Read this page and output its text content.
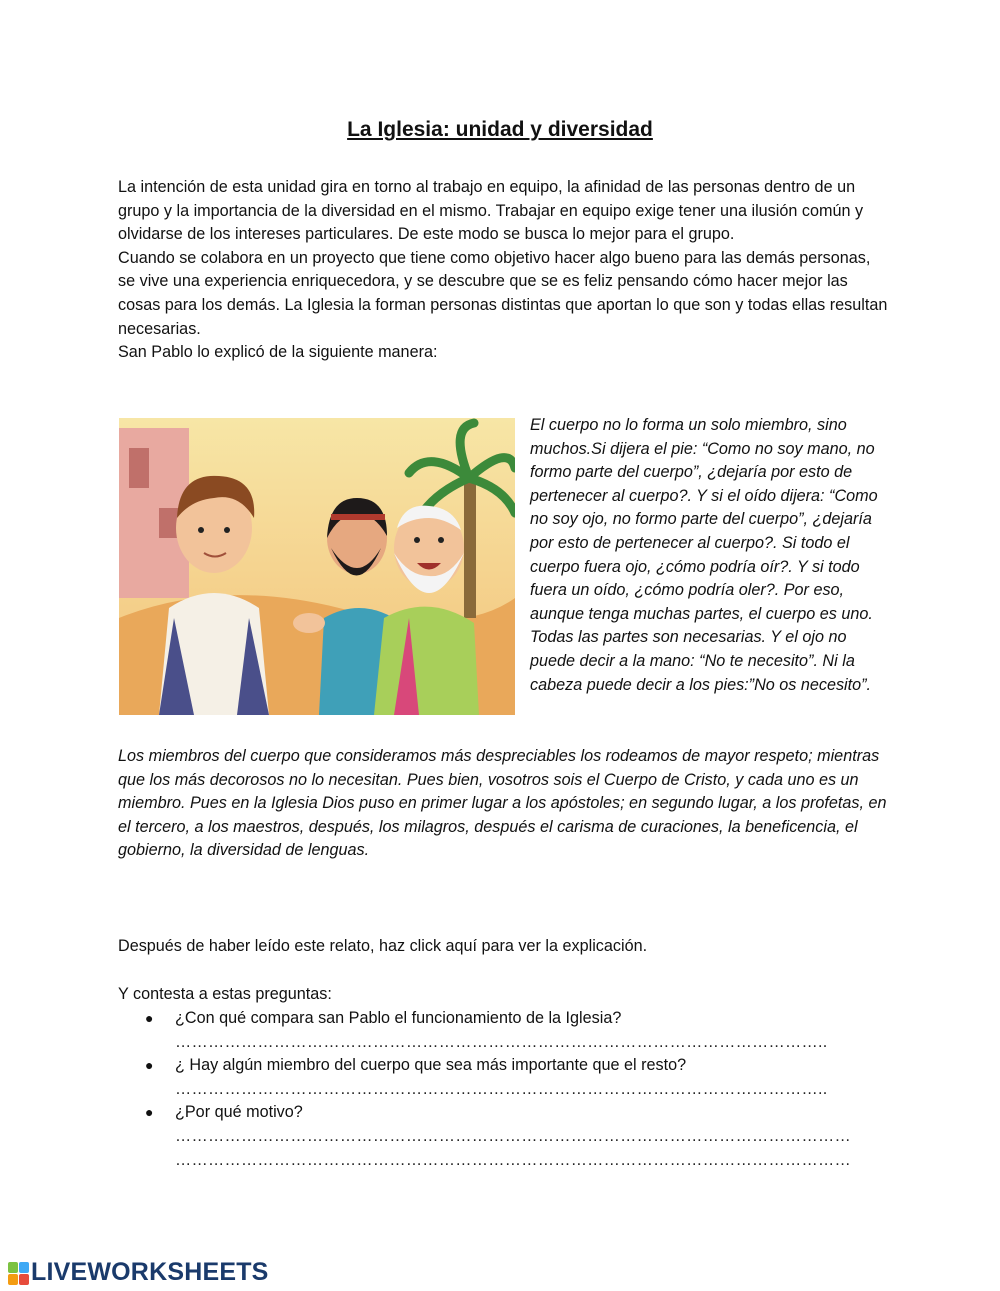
La Iglesia: unidad y diversidad

La intención de esta unidad gira en torno al trabajo en equipo, la afinidad de las personas dentro de un grupo y la importancia de la diversidad en el mismo. Trabajar en equipo exige tener una ilusión común y olvidarse de los intereses particulares. De este modo se busca lo mejor para el grupo.

Cuando se colabora en un proyecto que tiene como objetivo hacer algo bueno para las demás personas, se vive una experiencia enriquecedora, y se descubre que se es feliz pensando cómo hacer mejor las cosas para los demás. La Iglesia la forman personas distintas que aportan lo que son y todas ellas resultan necesarias.

San Pablo lo explicó de la siguiente manera:

El cuerpo no lo forma un solo miembro, sino muchos.Si dijera el pie: “Como no soy mano, no formo parte del cuerpo”, ¿dejaría por esto de pertenecer al cuerpo?. Y si el oído dijera: “Como no soy ojo, no formo parte del cuerpo”, ¿dejaría por esto de pertenecer al cuerpo?. Si todo el cuerpo fuera ojo, ¿cómo podría oír?. Y si todo fuera un oído, ¿cómo podría oler?. Por eso, aunque tenga muchas partes, el cuerpo es uno. Todas las partes son necesarias. Y el ojo no puede decir a la mano: “No te necesito”. Ni la cabeza puede decir a los pies:”No os necesito”.

Los miembros del cuerpo que consideramos más despreciables los rodeamos de mayor respeto; mientras que los más decorosos no lo necesitan. Pues bien, vosotros sois el Cuerpo de Cristo, y cada uno es un miembro. Pues en la Iglesia Dios puso en primer lugar a los apóstoles; en segundo lugar, a los profetas, en el tercero, a los maestros, después, los milagros, después el carisma de curaciones, la beneficencia, el gobierno, la diversidad de lenguas.

Después de haber leído este relato, haz click aquí para ver la explicación.

Y contesta a estas preguntas:

● ¿Con qué compara san Pablo el funcionamiento de la Iglesia?
………………………………………………………………………………………………………..
● ¿ Hay algún miembro del cuerpo que sea más importante que el resto?
………………………………………………………………………………………………………..
● ¿Por qué motivo?
……………………………………………………………………………………………………………
……………………………………………………………………………………………………………
LIVEWORKSHEETS
